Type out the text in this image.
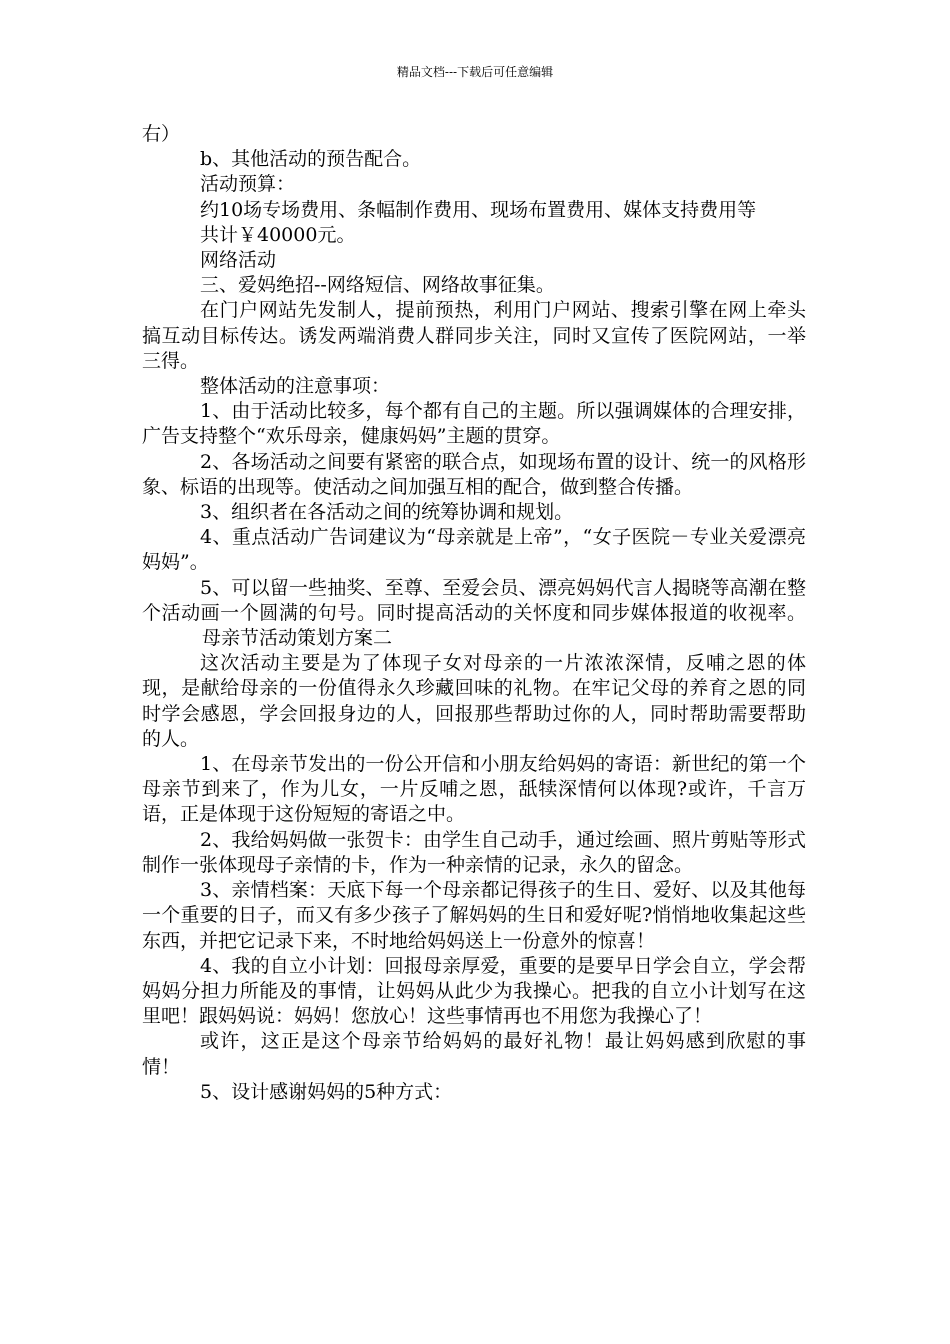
精品文档---下载后可任意编辑

右）

b、其他活动的预告配合。

活动预算：

约10场专场费用、条幅制作费用、现场布置费用、媒体支持费用等

共计￥40000元。

网络活动

三、爱妈绝招--网络短信、网络故事征集。

在门户网站先发制人，提前预热，利用门户网站、搜索引擎在网上牵头搞互动目标传达。诱发两端消费人群同步关注，同时又宣传了医院网站，一举三得。

整体活动的注意事项：

1、由于活动比较多，每个都有自己的主题。所以强调媒体的合理安排，广告支持整个“欢乐母亲，健康妈妈”主题的贯穿。

2、各场活动之间要有紧密的联合点，如现场布置的设计、统一的风格形象、标语的出现等。使活动之间加强互相的配合，做到整合传播。

3、组织者在各活动之间的统筹协调和规划。

4、重点活动广告词建议为“母亲就是上帝”，“女子医院－专业关爱漂亮妈妈”。

5、可以留一些抽奖、至尊、至爱会员、漂亮妈妈代言人揭晓等高潮在整个活动画一个圆满的句号。同时提高活动的关怀度和同步媒体报道的收视率。母亲节活动策划方案二

这次活动主要是为了体现子女对母亲的一片浓浓深情，反哺之恩的体现，是献给母亲的一份值得永久珍藏回味的礼物。在牢记父母的养育之恩的同时学会感恩，学会回报身边的人，回报那些帮助过你的人，同时帮助需要帮助的人。

1、在母亲节发出的一份公开信和小朋友给妈妈的寄语：新世纪的第一个母亲节到来了，作为儿女，一片反哺之恩，舐犊深情何以体现?或许，千言万语，正是体现于这份短短的寄语之中。

2、我给妈妈做一张贺卡：由学生自己动手，通过绘画、照片剪贴等形式制作一张体现母子亲情的卡，作为一种亲情的记录，永久的留念。

3、亲情档案：天底下每一个母亲都记得孩子的生日、爱好、以及其他每一个重要的日子，而又有多少孩子了解妈妈的生日和爱好呢?悄悄地收集起这些东西，并把它记录下来，不时地给妈妈送上一份意外的惊喜！

4、我的自立小计划：回报母亲厚爱，重要的是要早日学会自立，学会帮妈妈分担力所能及的事情，让妈妈从此少为我操心。把我的自立小计划写在这里吧！跟妈妈说：妈妈！您放心！这些事情再也不用您为我操心了！

或许，这正是这个母亲节给妈妈的最好礼物！最让妈妈感到欣慰的事情！

5、设计感谢妈妈的5种方式：
